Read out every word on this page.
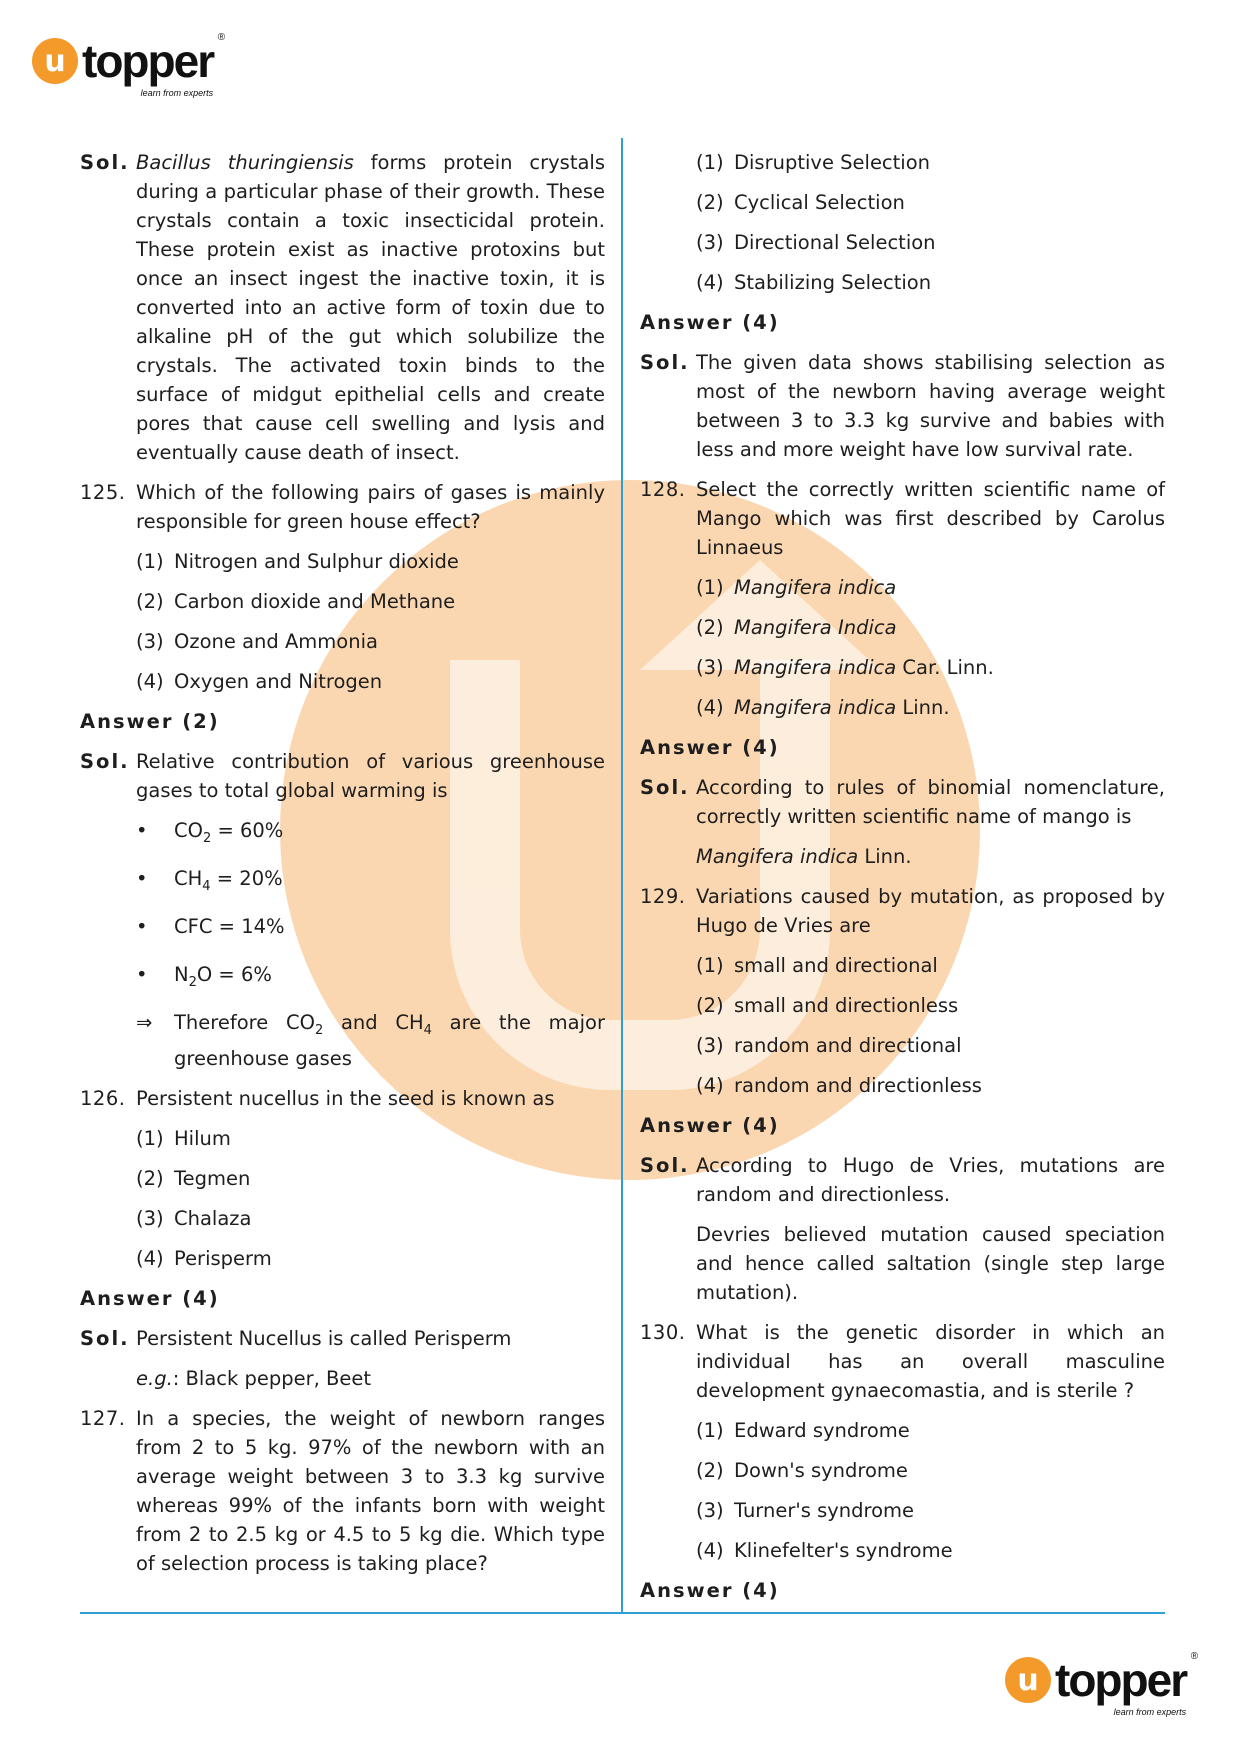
u topper ®
learn from experts
Sol. Bacillus thuringiensis forms protein crystals during a particular phase of their growth. These crystals contain a toxic insecticidal protein. These protein exist as inactive protoxins but once an insect ingest the inactive toxin, it is converted into an active form of toxin due to alkaline pH of the gut which solubilize the crystals. The activated toxin binds to the surface of midgut epithelial cells and create pores that cause cell swelling and lysis and eventually cause death of insect.
125. Which of the following pairs of gases is mainly responsible for green house effect?
(1) Nitrogen and Sulphur dioxide
(2) Carbon dioxide and Methane
(3) Ozone and Ammonia
(4) Oxygen and Nitrogen
Answer (2)
Sol. Relative contribution of various greenhouse gases to total global warming is
•	$CO_2 = 60\%$
•	$CH_4 = 20\%$
•	CFC = 14%
•	$N_2O = 6\%$
⇒	Therefore $CO_2$ and $CH_4$ are the major greenhouse gases
126. Persistent nucellus in the seed is known as
(1) Hilum
(2) Tegmen
(3) Chalaza
(4) Perisperm
Answer (4)
Sol. Persistent Nucellus is called Perisperm
e.g.: Black pepper, Beet
127. In a species, the weight of newborn ranges from 2 to 5 kg. 97% of the newborn with an average weight between 3 to 3.3 kg survive whereas 99% of the infants born with weight from 2 to 2.5 kg or 4.5 to 5 kg die. Which type of selection process is taking place?
(1) Disruptive Selection
(2) Cyclical Selection
(3) Directional Selection
(4) Stabilizing Selection
Answer (4)
Sol. The given data shows stabilising selection as most of the newborn having average weight between 3 to 3.3 kg survive and babies with less and more weight have low survival rate.
128. Select the correctly written scientific name of Mango which was first described by Carolus Linnaeus
(1) Mangifera indica
(2) Mangifera Indica
(3) Mangifera indica Car. Linn.
(4) Mangifera indica Linn.
Answer (4)
Sol. According to rules of binomial nomenclature, correctly written scientific name of mango is
Mangifera indica Linn.
129. Variations caused by mutation, as proposed by Hugo de Vries are
(1) small and directional
(2) small and directionless
(3) random and directional
(4) random and directionless
Answer (4)
Sol. According to Hugo de Vries, mutations are random and directionless.
Devries believed mutation caused speciation and hence called saltation (single step large mutation).
130. What is the genetic disorder in which an individual has an overall masculine development gynaecomastia, and is sterile ?
(1) Edward syndrome
(2) Down's syndrome
(3) Turner's syndrome
(4) Klinefelter's syndrome
Answer (4)
u topper ®
learn from experts
